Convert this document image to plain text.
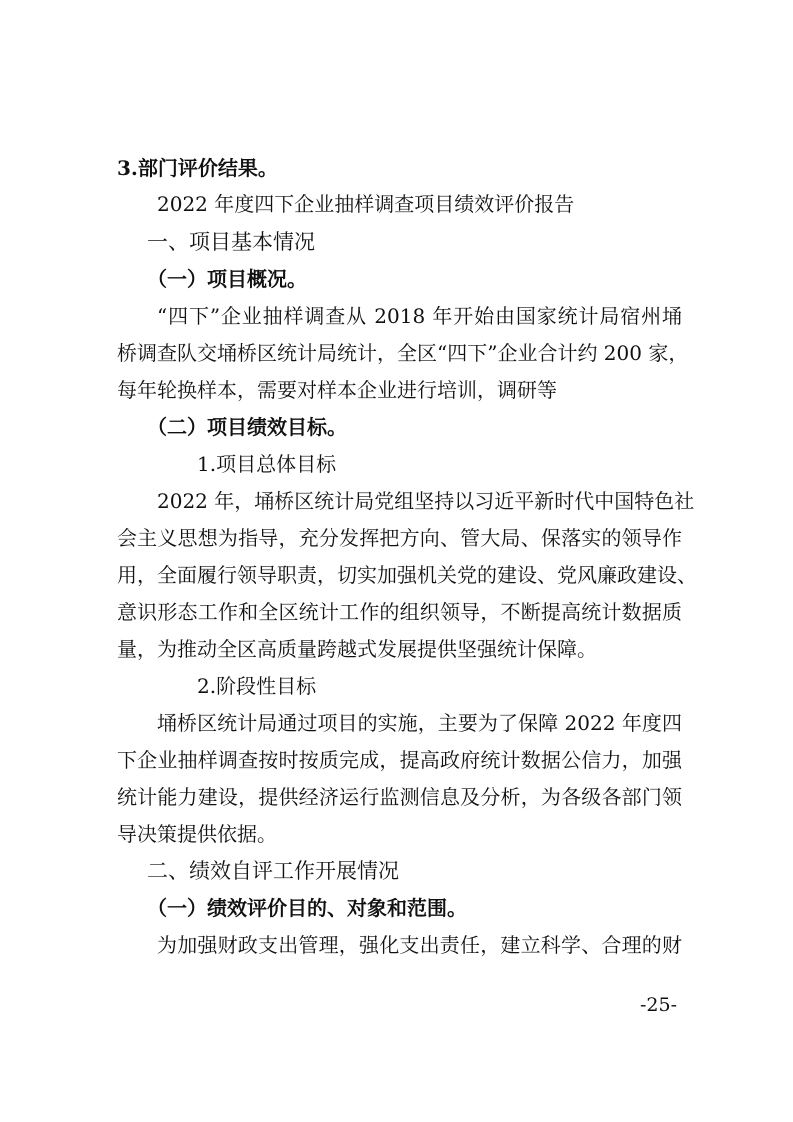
3.部门评价结果。
2022 年度四下企业抽样调查项目绩效评价报告
一、项目基本情况
（一）项目概况。
“四下”企业抽样调查从 2018 年开始由国家统计局宿州埇
桥调查队交埇桥区统计局统计，全区“四下”企业合计约 200 家，
每年轮换样本，需要对样本企业进行培训，调研等
（二）项目绩效目标。
1.项目总体目标
2022 年，埇桥区统计局党组坚持以习近平新时代中国特色社
会主义思想为指导，充分发挥把方向、管大局、保落实的领导作
用，全面履行领导职责，切实加强机关党的建设、党风廉政建设、
意识形态工作和全区统计工作的组织领导，不断提高统计数据质
量，为推动全区高质量跨越式发展提供坚强统计保障。
2.阶段性目标
埇桥区统计局通过项目的实施，主要为了保障 2022 年度四
下企业抽样调查按时按质完成，提高政府统计数据公信力，加强
统计能力建设，提供经济运行监测信息及分析，为各级各部门领
导决策提供依据。
二、绩效自评工作开展情况
（一）绩效评价目的、对象和范围。
为加强财政支出管理，强化支出责任，建立科学、合理的财
-25-
